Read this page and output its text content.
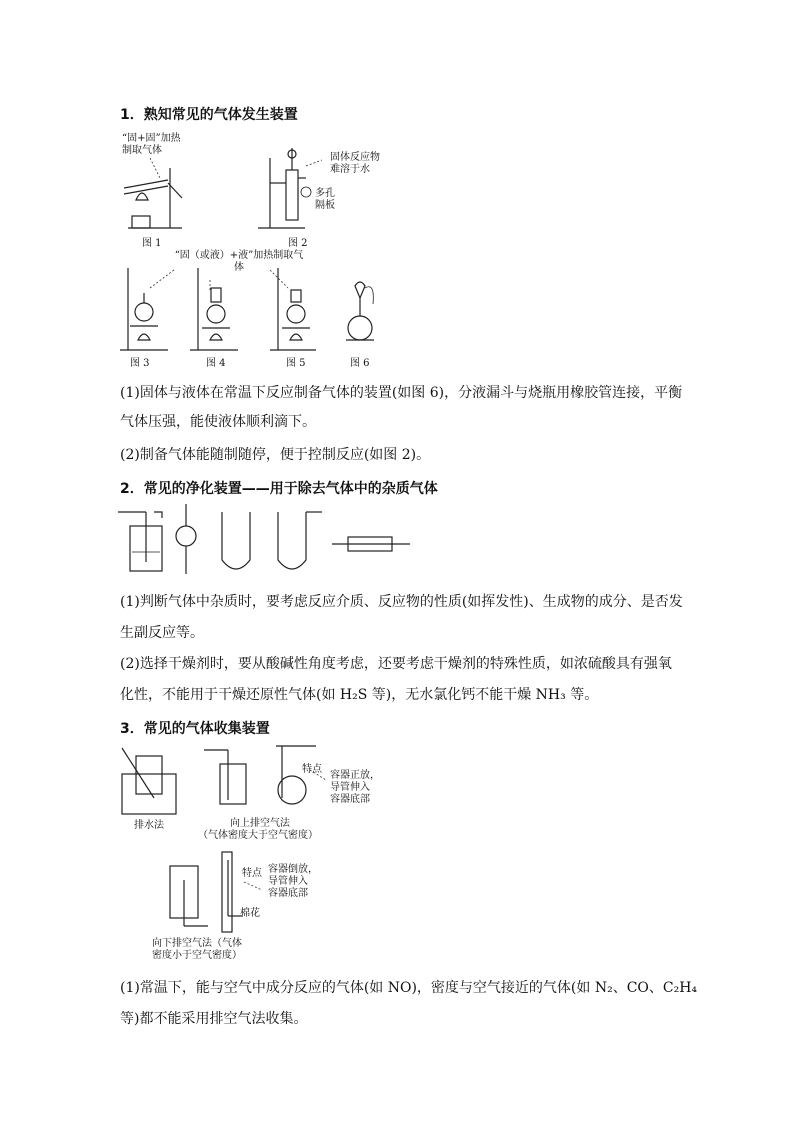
1．熟知常见的气体发生装置
“固+固”加热制取气体
固体反应物难溶于水
多孔隔板
“固（或液）+液”加热制取气体
图 1	图 2
图 3	图 4	图 5	图 6
(1)固体与液体在常温下反应制备气体的装置(如图 6)，分液漏斗与烧瓶用橡胶管连接，平衡
气体压强，能使液体顺利滴下。
(2)制备气体能随制随停，便于控制反应(如图 2)。
2．常见的净化装置——用于除去气体中的杂质气体
(1)判断气体中杂质时，要考虑反应介质、反应物的性质(如挥发性)、生成物的成分、是否发
生副反应等。
(2)选择干燥剂时，要从酸碱性角度考虑，还要考虑干燥剂的特殊性质，如浓硫酸具有强氧
化性，不能用于干燥还原性气体(如 H₂S 等)，无水氯化钙不能干燥 NH₃ 等。
3．常见的气体收集装置
排水法	向上排空气法
（气体密度大于空气密度）
特点
容器正放，
导管伸入
容器底部
特点 容器倒放，
导管伸入
容器底部
棉花
向下排空气法（气体
密度小于空气密度）
(1)常温下，能与空气中成分反应的气体(如 NO)，密度与空气接近的气体(如 N₂、CO、C₂H₄
等)都不能采用排空气法收集。
